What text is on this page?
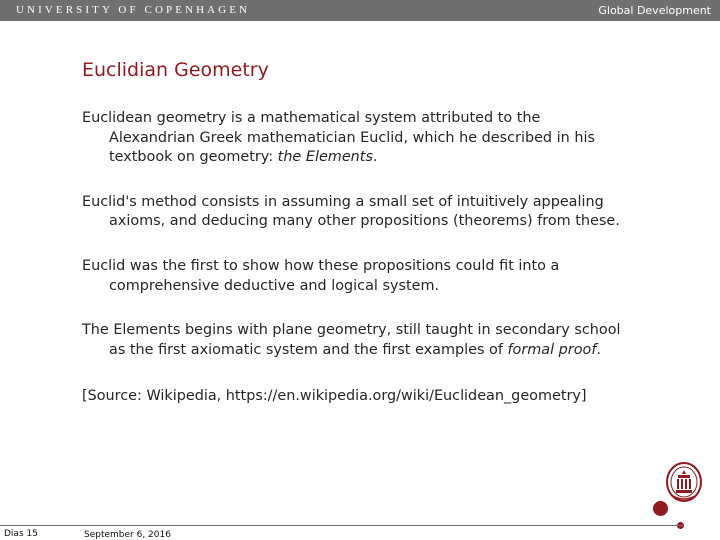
UNIVERSITY OF COPENHAGEN	Global Development
Euclidian Geometry

Euclidean geometry is a mathematical system attributed to the Alexandrian Greek mathematician Euclid, which he described in his textbook on geometry: the Elements.

Euclid's method consists in assuming a small set of intuitively appealing axioms, and deducing many other propositions (theorems) from these.

Euclid was the first to show how these propositions could fit into a comprehensive deductive and logical system.

The Elements begins with plane geometry, still taught in secondary school as the first axiomatic system and the first examples of formal proof.

[Source: Wikipedia, https://en.wikipedia.org/wiki/Euclidean_geometry]

Dias 15	September 6, 2016
